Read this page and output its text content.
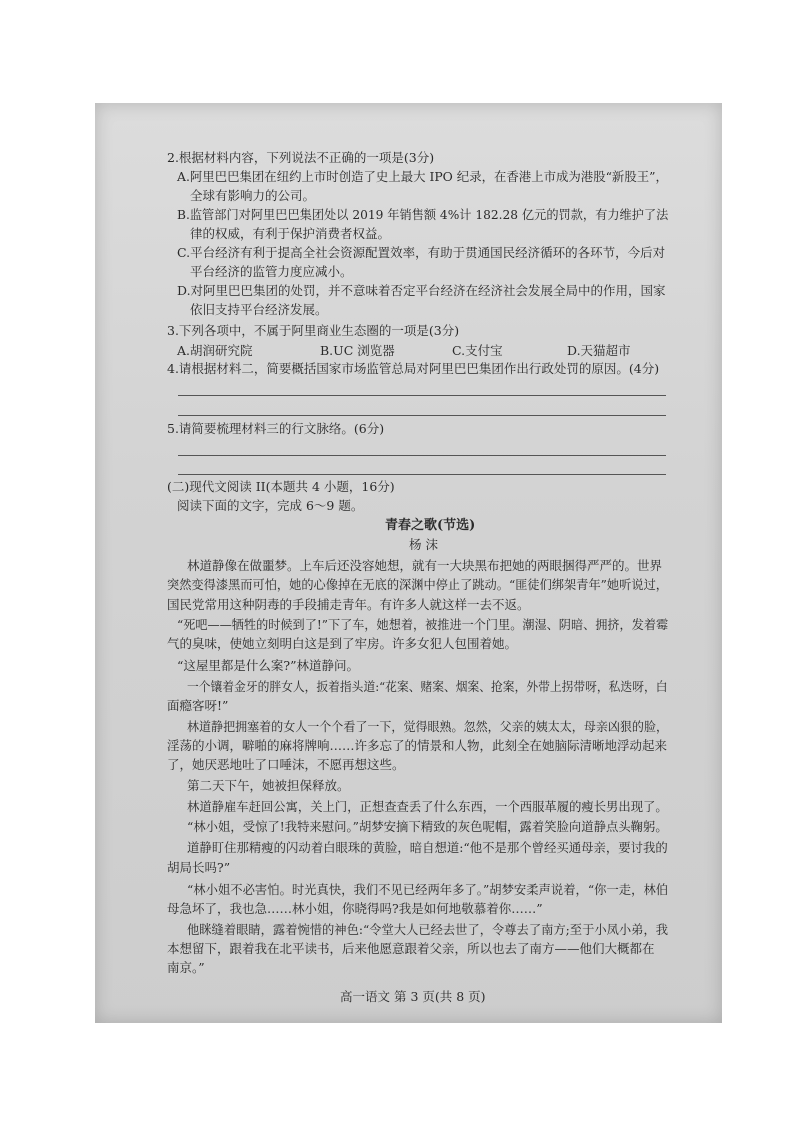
2.根据材料内容，下列说法不正确的一项是(3分)
A.阿里巴巴集团在纽约上市时创造了史上最大 IPO 纪录，在香港上市成为港股“新股王”，
全球有影响力的公司。
B.监管部门对阿里巴巴集团处以 2019 年销售额 4%计 182.28 亿元的罚款，有力维护了法
律的权威，有利于保护消费者权益。
C.平台经济有利于提高全社会资源配置效率，有助于贯通国民经济循环的各环节，今后对
平台经济的监管力度应减小。
D.对阿里巴巴集团的处罚，并不意味着否定平台经济在经济社会发展全局中的作用，国家
依旧支持平台经济发展。
3.下列各项中，不属于阿里商业生态圈的一项是(3分)
A.胡润研究院	B.UC 浏览器	C.支付宝	D.天猫超市
4.请根据材料二，简要概括国家市场监管总局对阿里巴巴集团作出行政处罚的原因。(4分)
5.请简要梳理材料三的行文脉络。(6分)
(二)现代文阅读 II(本题共 4 小题，16分)
阅读下面的文字，完成 6～9 题。
青春之歌(节选)
杨 沫
林道静像在做噩梦。上车后还没容她想，就有一大块黑布把她的两眼捆得严严的。世界
突然变得漆黑而可怕，她的心像掉在无底的深渊中停止了跳动。“匪徒们绑架青年”她听说过，
国民党常用这种阴毒的手段捕走青年。有许多人就这样一去不返。
“死吧——牺牲的时候到了!”下了车，她想着，被推进一个门里。潮湿、阴暗、拥挤，发着霉
气的臭味，使她立刻明白这是到了牢房。许多女犯人包围着她。
“这屋里都是什么案?”林道静问。
一个镶着金牙的胖女人，扳着指头道:“花案、赌案、烟案、抢案，外带上拐带呀，私迭呀，白
面瘾客呀!”
林道静把拥塞着的女人一个个看了一下，觉得眼熟。忽然，父亲的姨太太，母亲凶狠的脸，
淫荡的小调，噼啪的麻将牌响……许多忘了的情景和人物，此刻全在她脑际清晰地浮动起来
了，她厌恶地吐了口唾沫，不愿再想这些。
第二天下午，她被担保释放。
林道静雇车赶回公寓，关上门，正想查查丢了什么东西，一个西服革履的瘦长男出现了。
“林小姐，受惊了!我特来慰问。”胡梦安摘下精致的灰色呢帽，露着笑脸向道静点头鞠躬。
道静盯住那精瘦的闪动着白眼珠的黄脸，暗自想道:“他不是那个曾经买通母亲，要讨我的
胡局长吗?”
“林小姐不必害怕。时光真快，我们不见已经两年多了。”胡梦安柔声说着，“你一走，林伯
母急坏了，我也急……林小姐，你晓得吗?我是如何地敬慕着你……”
他眯缝着眼睛，露着惋惜的神色:“令堂大人已经去世了，令尊去了南方;至于小凤小弟，我
本想留下，跟着我在北平读书，后来他愿意跟着父亲，所以也去了南方——他们大概都在
南京。”
高一语文 第 3 页(共 8 页)
